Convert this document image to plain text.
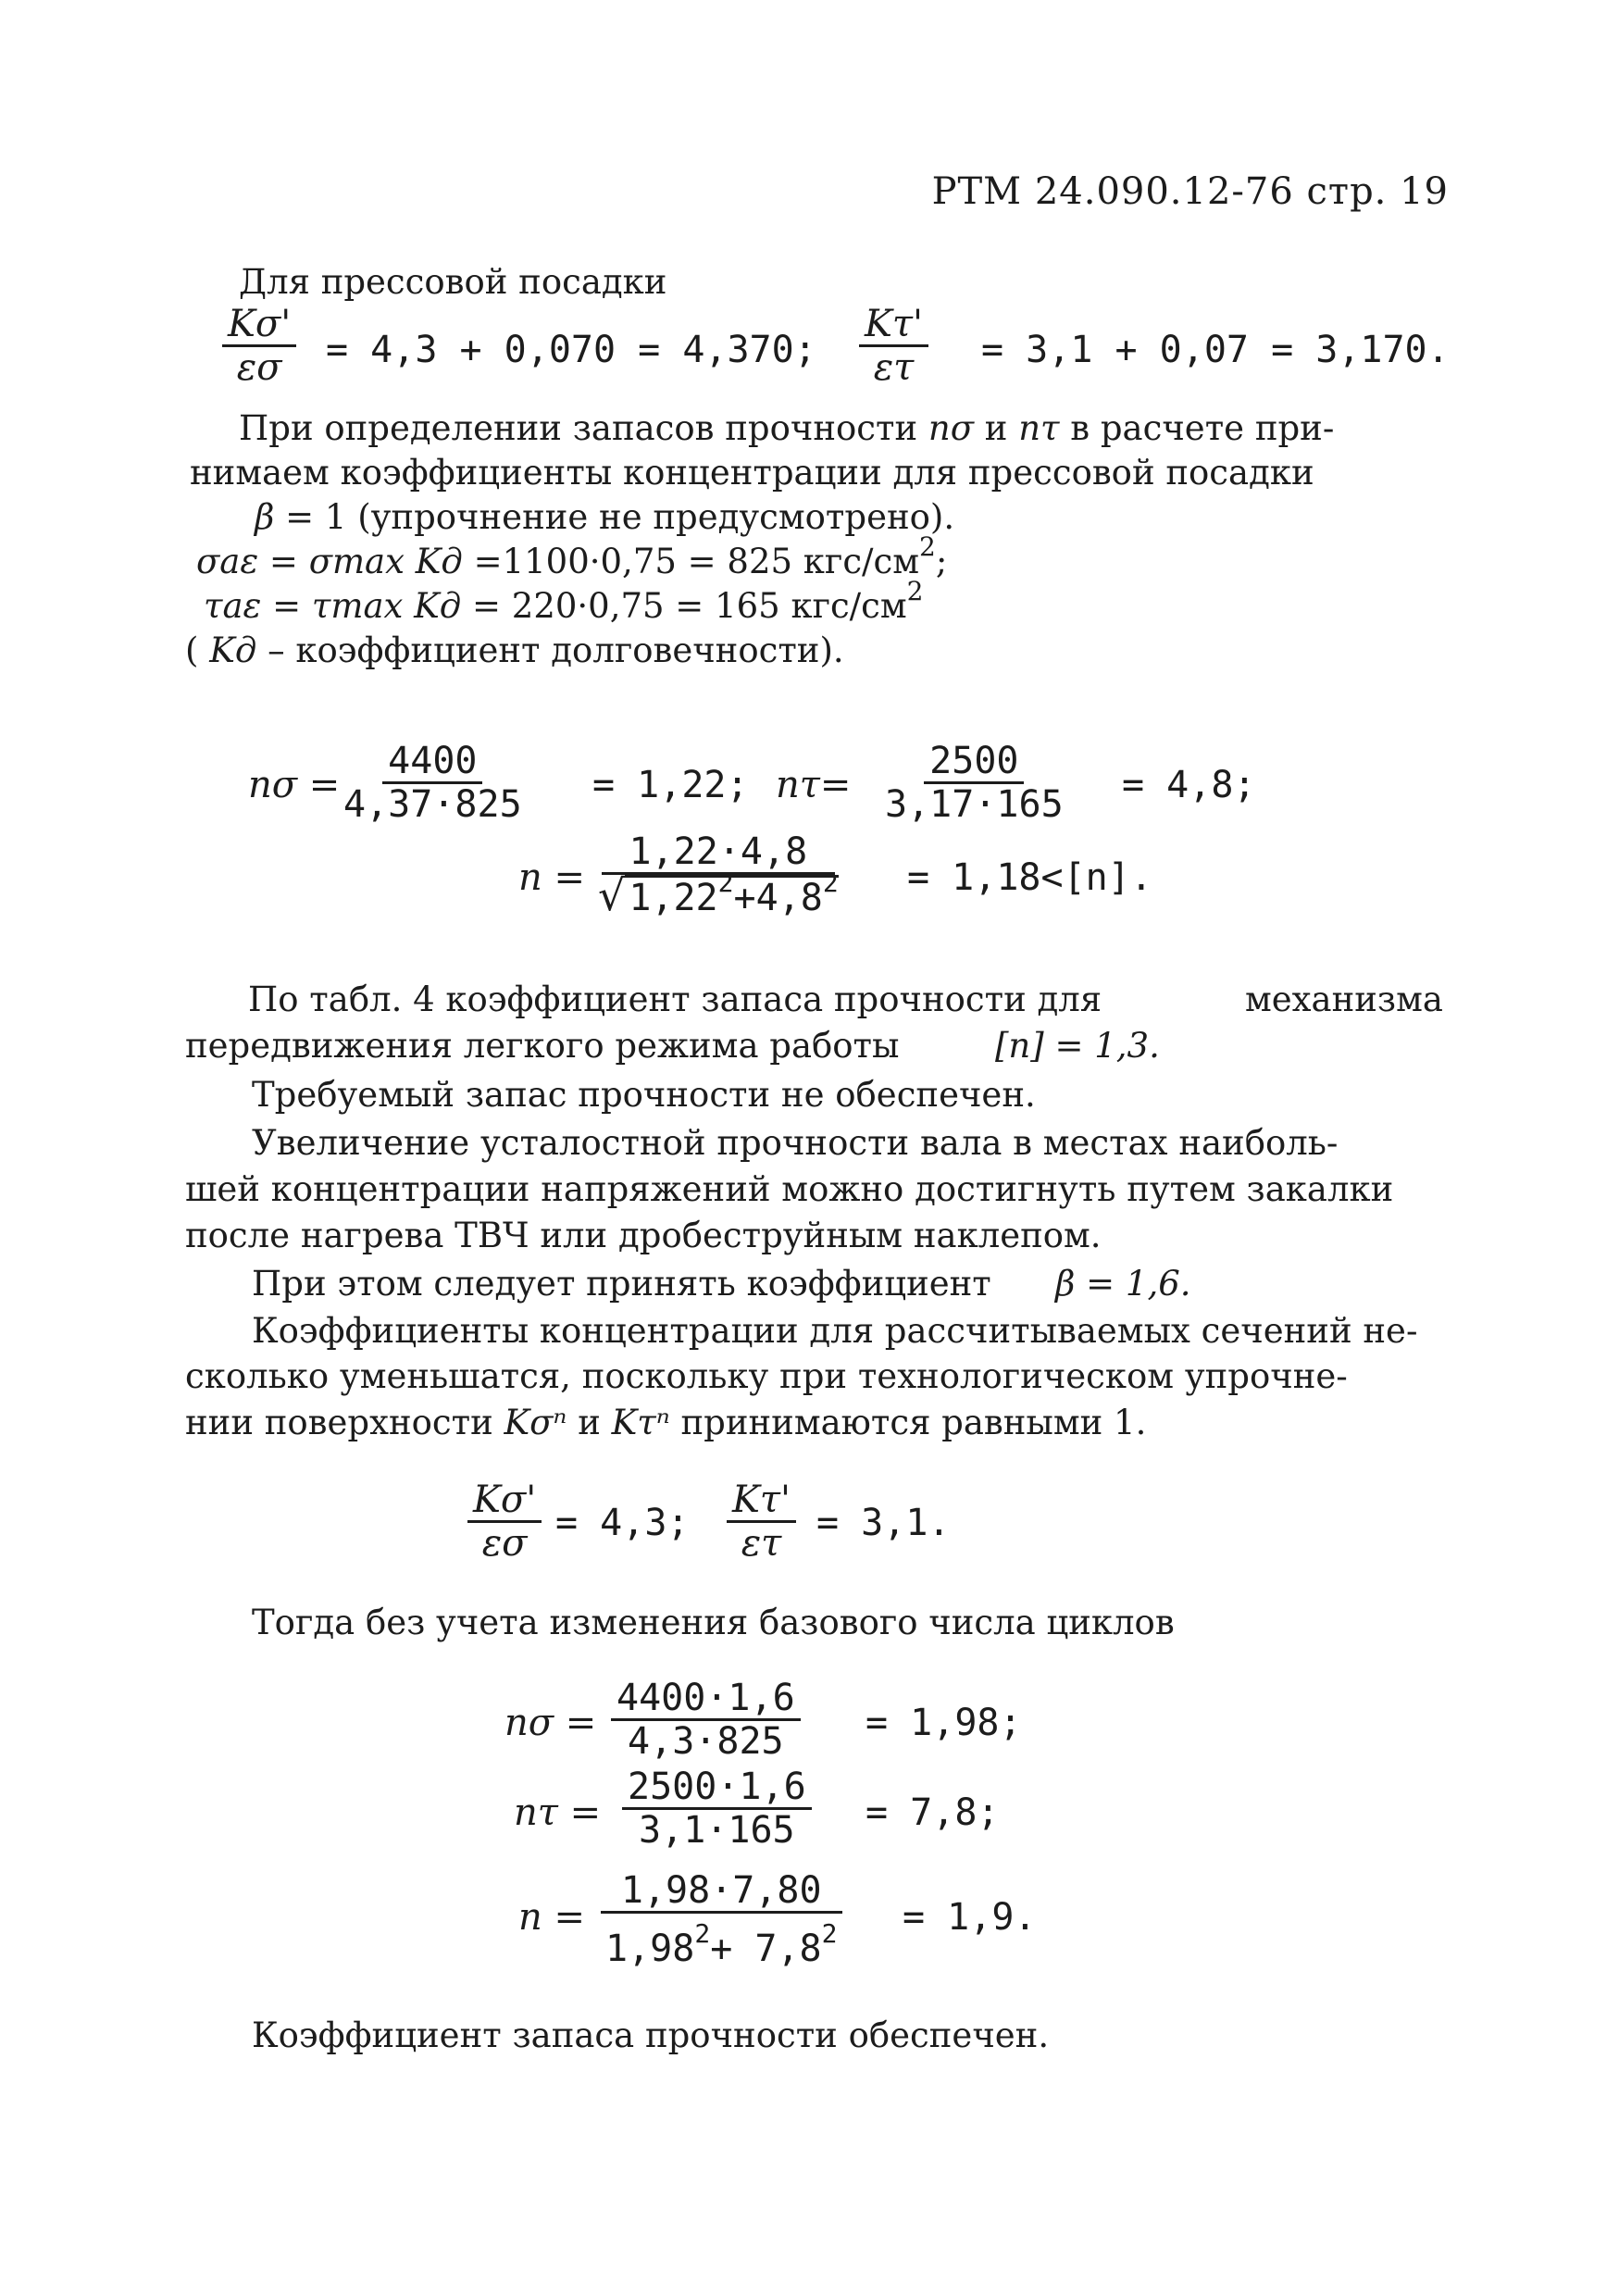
РТМ 24.090.12-76 стр. 19
Для прессовой посадки
$\frac{K\sigma'}{\varepsilon\sigma} = 4,3 + 0,070 = 4,370$; $\frac{K\tau'}{\varepsilon\tau} = 3,1 + 0,07 = 3,170$.
При определении запасов прочности nσ и nτ в расчете при-
нимаем коэффициенты концентрации для прессовой посадки
β = 1 (упрочнение не предусмотрено).
σaε = σmax Kд =1100·0,75 = 825 кгс/$см^2$;
τaε = τmax Kд = 220·0,75 = 165 кгс/$см^2$
( Kд – коэффициент долговечности).
nσ =
$\frac{4400}{4,37\cdot 825} = 1,22$; $n\tau= \frac{2500}{3,17\cdot 165} = 4,8$;
$n = \frac{1,22\cdot 4,8}{√ 1,22^2+4,8^2} = 1,18<[n]$.
По табл. 4 коэффициент запаса прочности для	механизма
передвижения легкого режима работы	[n] = 1,3.
Требуемый запас прочности не обеспечен.
Увеличение усталостной прочности вала в местах наиболь-
шей концентрации напряжений можно достигнуть путем закалки
после нагрева ТВЧ или дробеструйным наклепом.
При этом следует принять коэффициент β = 1,6.
Коэффициенты концентрации для рассчитываемых сечений не-
сколько уменьшатся, поскольку при технологическом упрочне-
нии поверхности Kσⁿ и Kτⁿ принимаются равными 1.
$\frac{K\sigma'}{\varepsilon\sigma} = 4,3$; $\frac{K\tau'}{\varepsilon\tau} = 3,1$.
Тогда без учета изменения базового числа циклов
$n\sigma = \frac{4400\cdot 1,6}{4,3\cdot 825} = 1,98$;
$n\tau = \frac{2500\cdot 1,6}{3,1\cdot 165} = 7,8$;
$n = \frac{1,98\cdot 7,80}{1,98^2+ 7,8^2} = 1,9$.
Коэффициент запаса прочности обеспечен.
